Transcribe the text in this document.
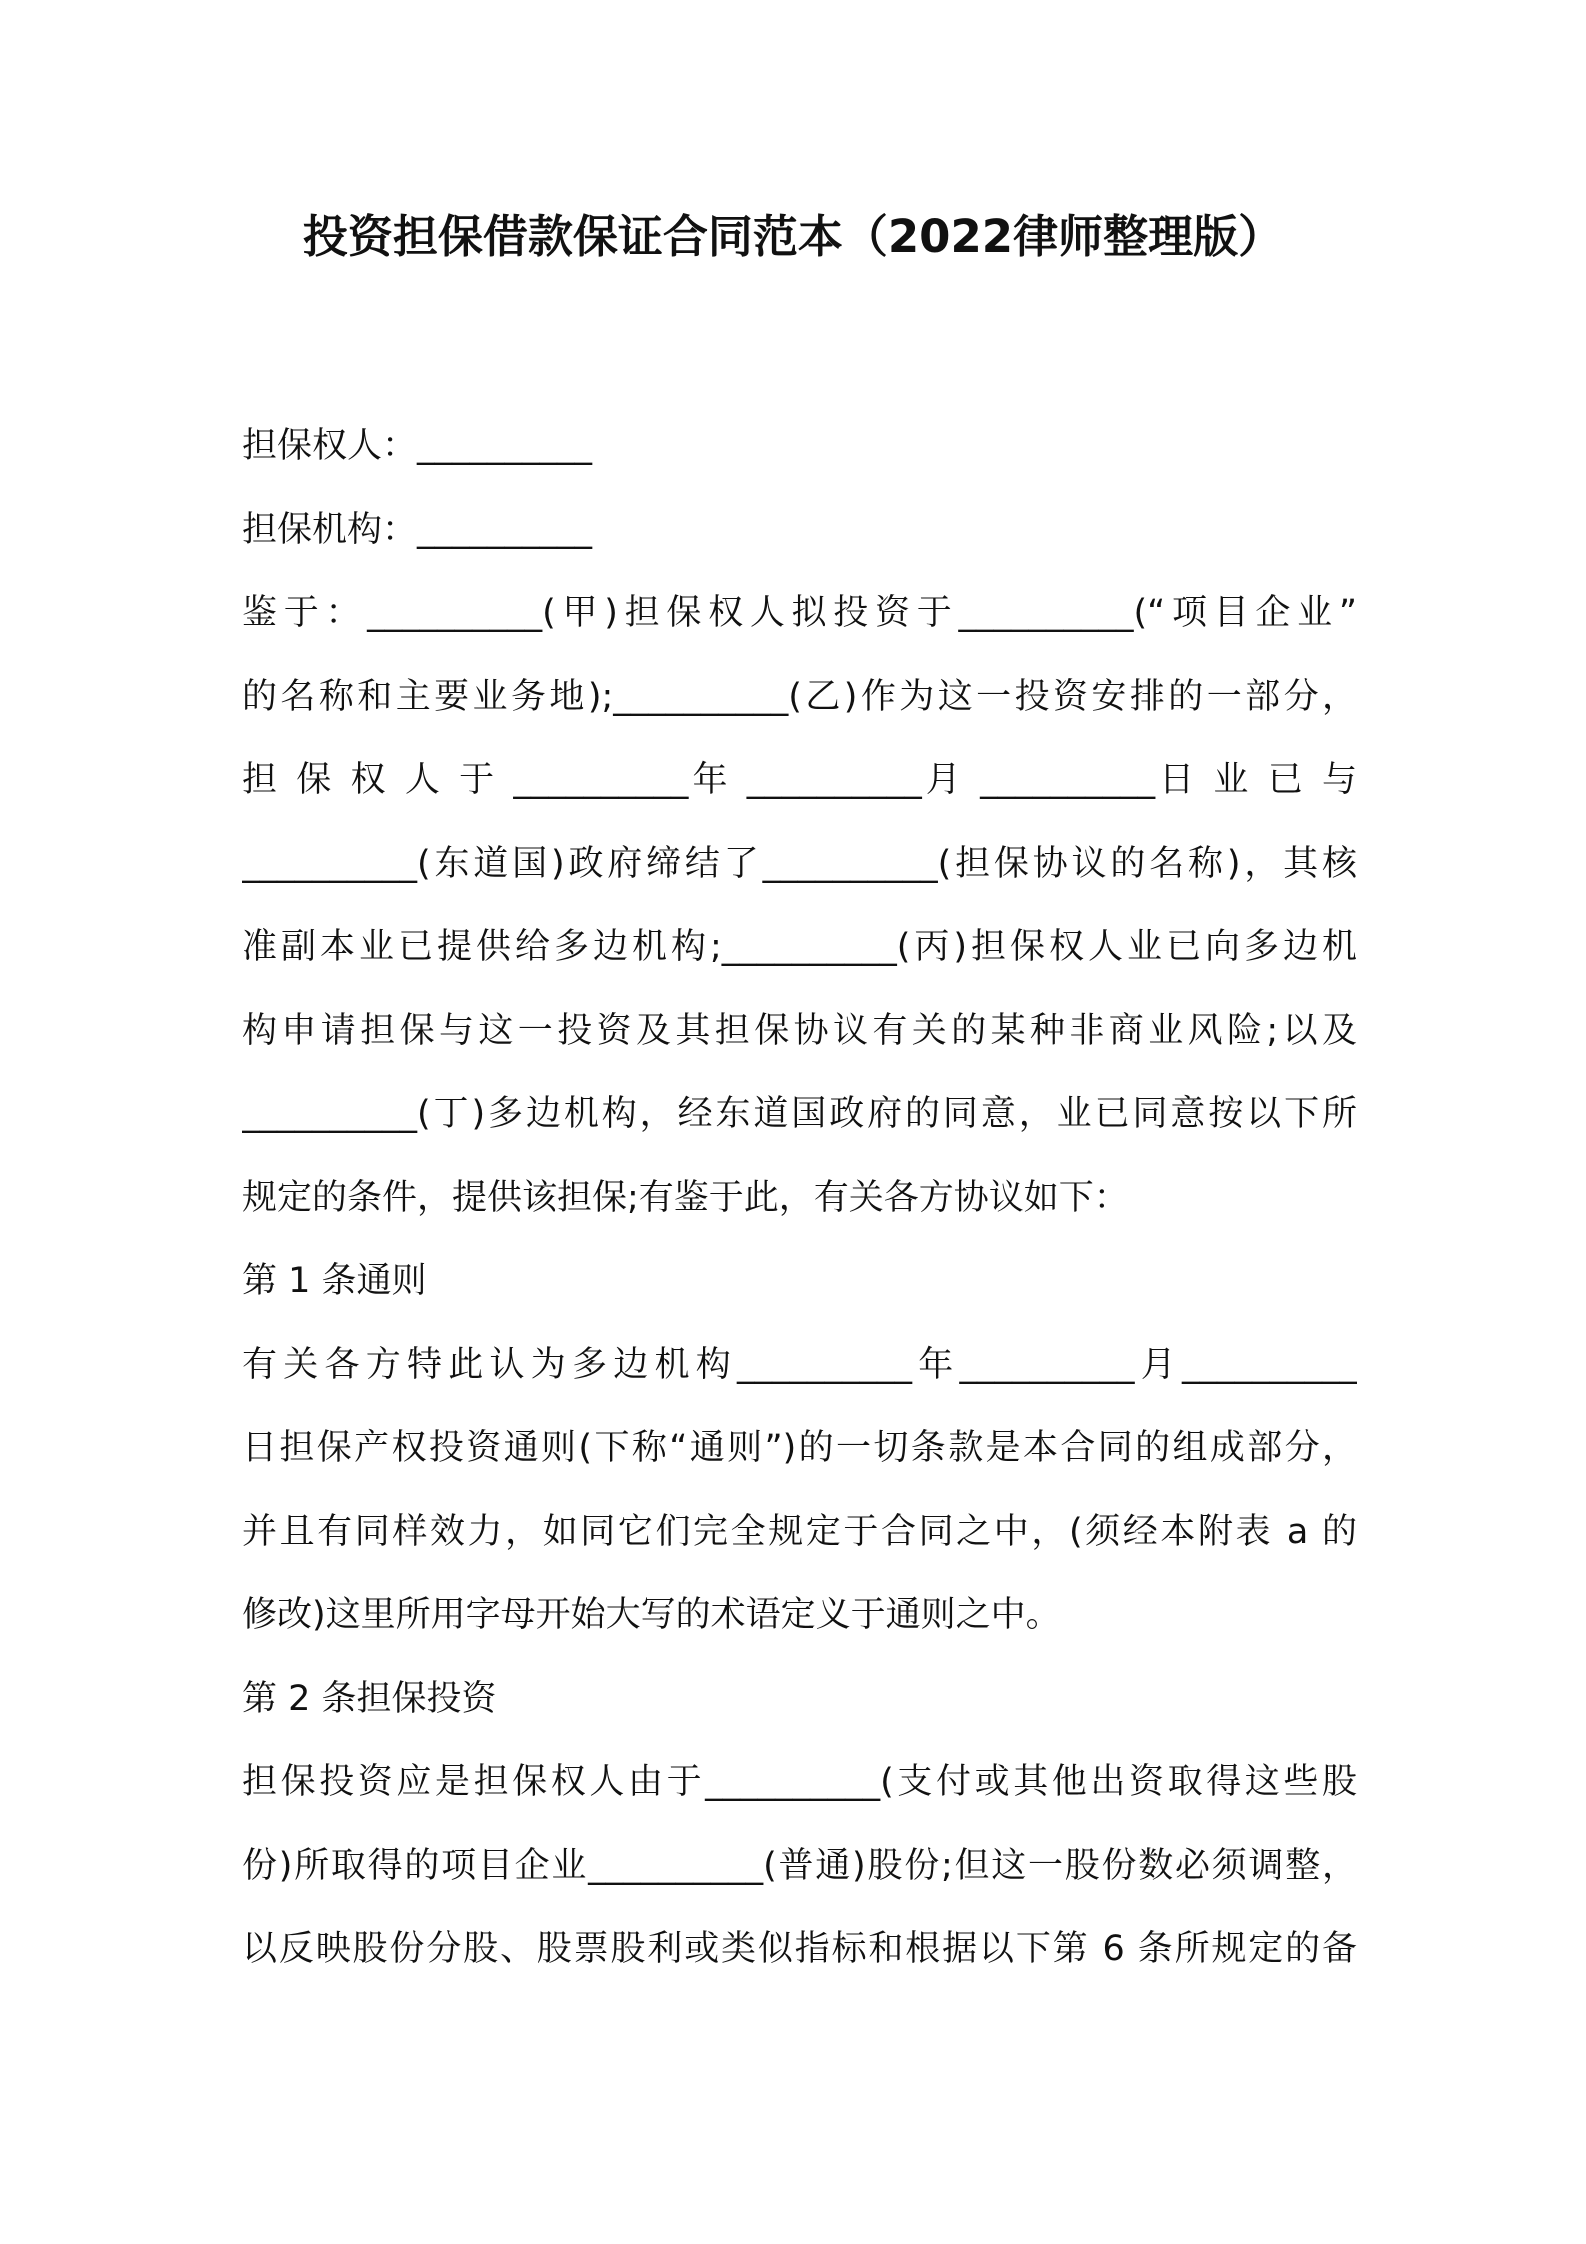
投资担保借款保证合同范本（2022律师整理版）
担保权人：__________
担保机构：__________
鉴于：__________(甲)担保权人拟投资于__________(“项目企业”
的名称和主要业务地);__________(乙)作为这一投资安排的一部分，
担 保 权 人 于 __________年 __________月 __________日 业 已 与
__________(东道国)政府缔结了__________(担保协议的名称)，其核
准副本业已提供给多边机构;__________(丙)担保权人业已向多边机
构申请担保与这一投资及其担保协议有关的某种非商业风险;以及
__________(丁)多边机构，经东道国政府的同意，业已同意按以下所
规定的条件，提供该担保;有鉴于此，有关各方协议如下：
第 1 条通则
有关各方特此认为多边机构__________年__________月__________
日担保产权投资通则(下称“通则”)的一切条款是本合同的组成部分，
并且有同样效力，如同它们完全规定于合同之中，(须经本附表 a 的
修改)这里所用字母开始大写的术语定义于通则之中。
第 2 条担保投资
担保投资应是担保权人由于__________(支付或其他出资取得这些股
份)所取得的项目企业__________(普通)股份;但这一股份数必须调整，
以反映股份分股、股票股利或类似指标和根据以下第 6 条所规定的备
